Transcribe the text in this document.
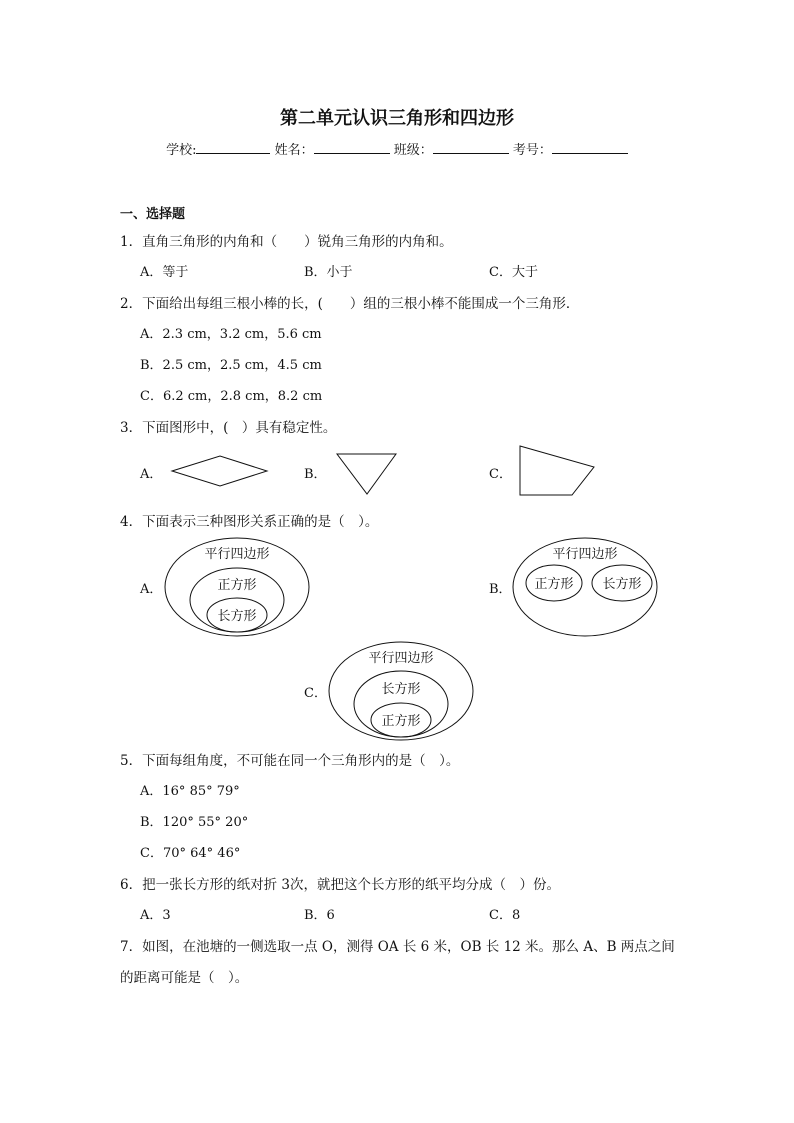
第二单元认识三角形和四边形
学校:	姓名：	班级：	考号：
一、选择题
1．直角三角形的内角和（　　）锐角三角形的内角和。
A．等于	B．小于	C．大于
2．下面给出每组三根小棒的长，(　　）组的三根小棒不能围成一个三角形．
A．2.3 cm，3.2 cm，5.6 cm
B．2.5 cm，2.5 cm，4.5 cm
C．6.2 cm，2.8 cm，8.2 cm
3．下面图形中，(　）具有稳定性。
A．	B．	C．
4．下面表示三种图形关系正确的是（　）。
A．
平行四边形
正方形
长方形
B．
平行四边形
正方形 长方形
C．
平行四边形
长方形
正方形
5．下面每组角度，不可能在同一个三角形内的是（　）。
A．16° 85° 79°
B．120° 55° 20°
C．70° 64° 46°
6．把一张长方形的纸对折 3次，就把这个长方形的纸平均分成（　）份。
A．3	B．6	C．8
7．如图，在池塘的一侧选取一点 O，测得 OA 长 6 米，OB 长 12 米。那么 A、B 两点之间
的距离可能是（　）。
